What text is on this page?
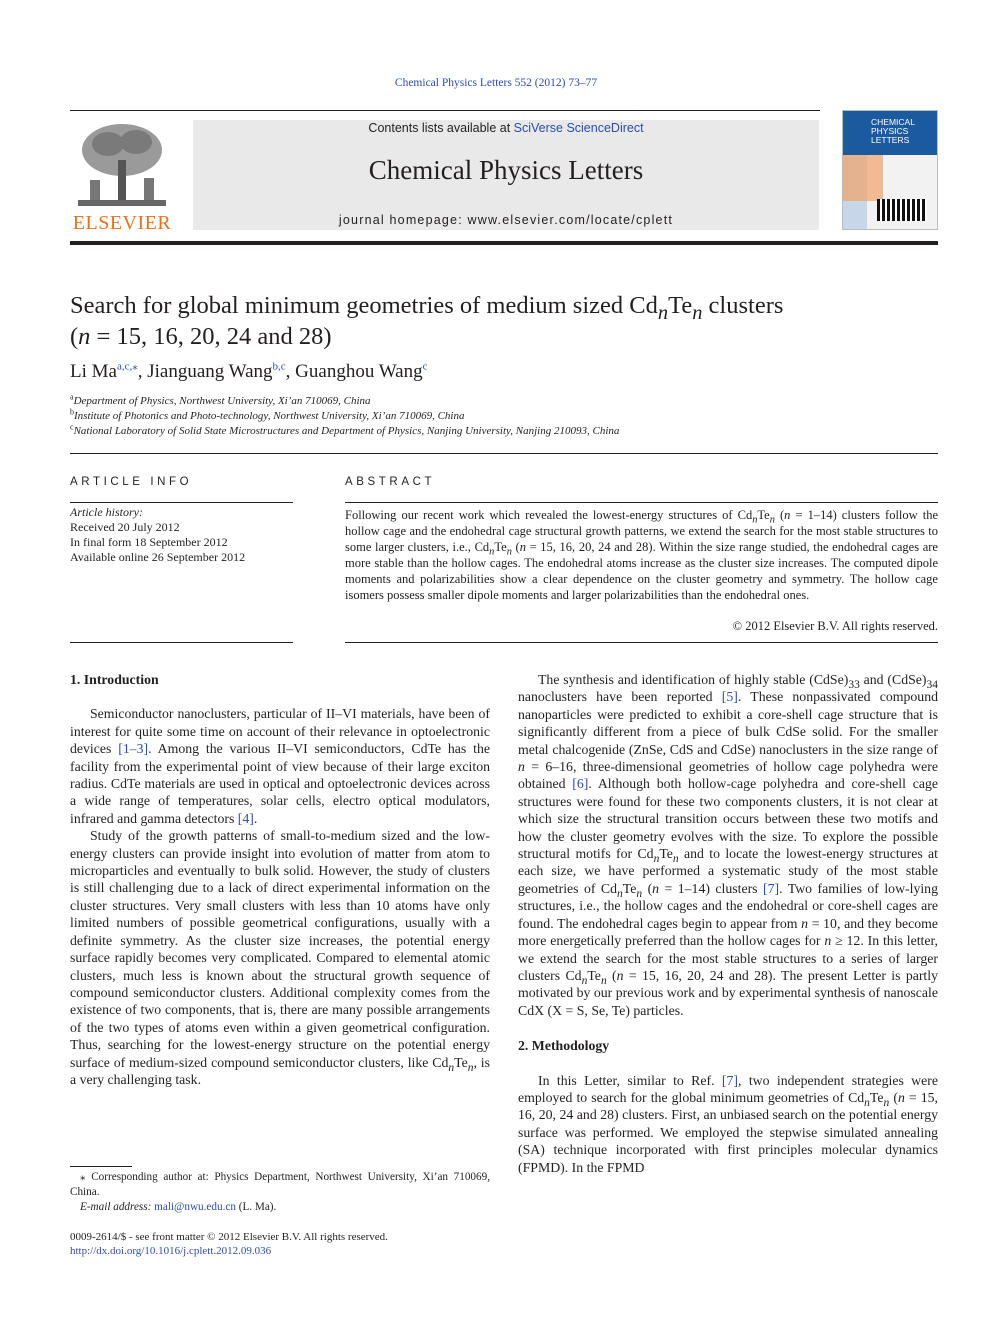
Chemical Physics Letters 552 (2012) 73–77
ELSEVIER
Contents lists available at SciVerse ScienceDirect
Chemical Physics Letters
journal homepage: www.elsevier.com/locate/cplett
CHEMICAL
PHYSICS
LETTERS
Search for global minimum geometries of medium sized $Cd_nTe_n$ clusters
(n = 15, 16, 20, 24 and 28)
Li $Ma^{a,c,⁎}$, Jianguang Wang$^{b,c}$, Guanghou Wang$^c$
$^a$Department of Physics, Northwest University, Xi’an 710069, China
$^b$Institute of Photonics and Photo-technology, Northwest University, Xi’an 710069, China
$^c$National Laboratory of Solid State Microstructures and Department of Physics, Nanjing University, Nanjing 210093, China
ARTICLE INFO	ABSTRACT
Article history:
Received 20 July 2012
In final form 18 September 2012
Available online 26 September 2012
Following our recent work which revealed the lowest-energy structures of $Cd_nTe_n$ (n = 1–14) clusters follow the hollow cage and the endohedral cage structural growth patterns, we extend the search for the most stable structures to some larger clusters, i.e., $Cd_nTe_n$ (n = 15, 16, 20, 24 and 28). Within the size range studied, the endohedral cages are more stable than the hollow cages. The endohedral atoms increase as the cluster size increases. The computed dipole moments and polarizabilities show a clear dependence on the cluster geometry and symmetry. The hollow cage isomers possess smaller dipole moments and larger polarizabilities than the endohedral ones.
© 2012 Elsevier B.V. All rights reserved.
1. Introduction

Semiconductor nanoclusters, particular of II–VI materials, have been of interest for quite some time on account of their relevance in optoelectronic devices [1–3]. Among the various II–VI semiconductors, CdTe has the facility from the experimental point of view because of their large exciton radius. CdTe materials are used in optical and optoelectronic devices across a wide range of temperatures, solar cells, electro optical modulators, infrared and gamma detectors [4].

Study of the growth patterns of small-to-medium sized and the low-energy clusters can provide insight into evolution of matter from atom to microparticles and eventually to bulk solid. However, the study of clusters is still challenging due to a lack of direct experimental information on the cluster structures. Very small clusters with less than 10 atoms have only limited numbers of possible geometrical configurations, usually with a definite symmetry. As the cluster size increases, the potential energy surface rapidly becomes very complicated. Compared to elemental atomic clusters, much less is known about the structural growth sequence of compound semiconductor clusters. Additional complexity comes from the existence of two components, that is, there are many possible arrangements of the two types of atoms even within a given geometrical configuration. Thus, searching for the lowest-energy structure on the potential energy surface of medium-sized compound semiconductor clusters, like $Cd_nTe_n$, is a very challenging task.

⁎ Corresponding author at: Physics Department, Northwest University, Xi’an 710069, China.

E-mail address: mali@nwu.edu.cn (L. Ma).

0009-2614/$ - see front matter © 2012 Elsevier B.V. All rights reserved.
http://dx.doi.org/10.1016/j.cplett.2012.09.036

The synthesis and identification of highly stable $(CdSe)_{33}$ and $(CdSe)_{34}$ nanoclusters have been reported [5]. These nonpassivated compound nanoparticles were predicted to exhibit a core-shell cage structure that is significantly different from a piece of bulk CdSe solid. For the smaller metal chalcogenide (ZnSe, CdS and CdSe) nanoclusters in the size range of n = 6–16, three-dimensional geometries of hollow cage polyhedra were obtained [6]. Although both hollow-cage polyhedra and core-shell cage structures were found for these two components clusters, it is not clear at which size the structural transition occurs between these two motifs and how the cluster geometry evolves with the size. To explore the possible structural motifs for $Cd_nTe_n$ and to locate the lowest-energy structures at each size, we have performed a systematic study of the most stable geometries of $Cd_nTe_n$ (n = 1–14) clusters [7]. Two families of low-lying structures, i.e., the hollow cages and the endohedral or core-shell cages are found. The endohedral cages begin to appear from n = 10, and they become more energetically preferred than the hollow cages for n ≥ 12. In this letter, we extend the search for the most stable structures to a series of larger clusters $Cd_nTe_n$ (n = 15, 16, 20, 24 and 28). The present Letter is partly motivated by our previous work and by experimental synthesis of nanoscale CdX (X = S, Se, Te) particles.

2. Methodology

In this Letter, similar to Ref. [7], two independent strategies were employed to search for the global minimum geometries of $Cd_nTe_n$ (n = 15, 16, 20, 24 and 28) clusters. First, an unbiased search on the potential energy surface was performed. We employed the stepwise simulated annealing (SA) technique incorporated with first principles molecular dynamics (FPMD). In the FPMD
